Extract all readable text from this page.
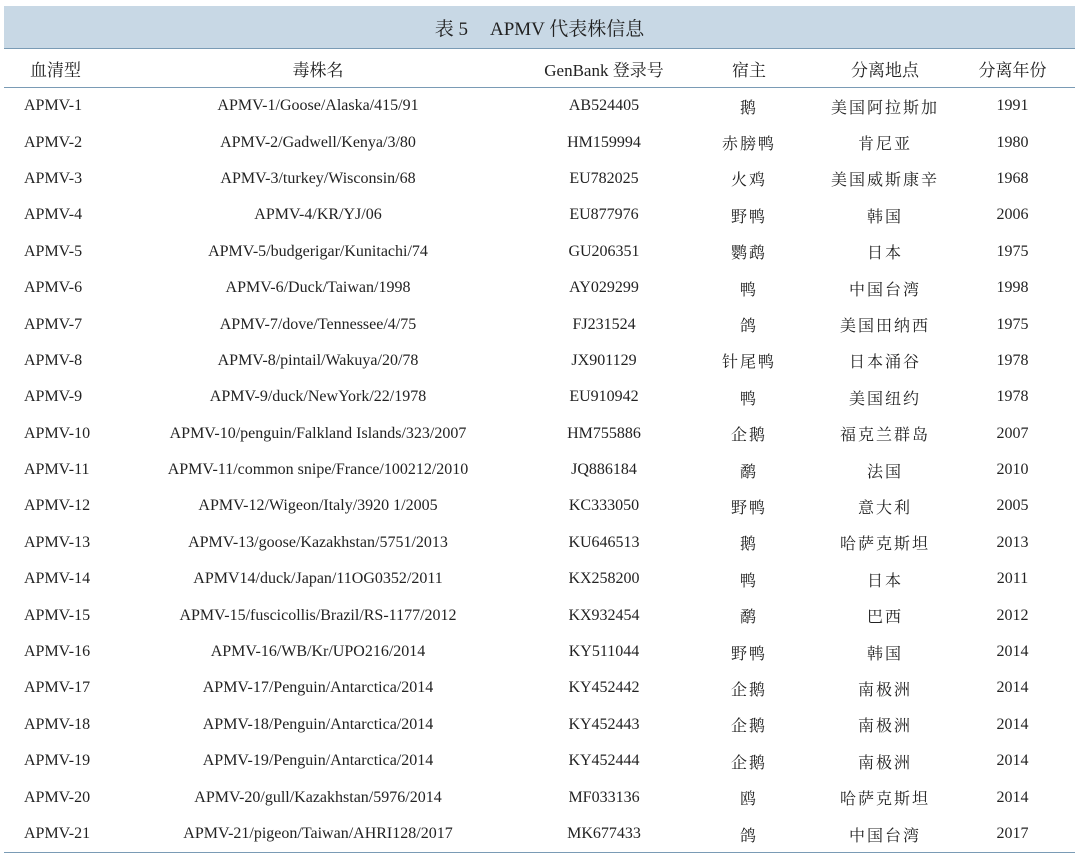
表 5 APMV 代表株信息
血清型	毒株名	GenBank 登录号	宿主	分离地点	分离年份
APMV-1	APMV-1/Goose/Alaska/415/91	AB524405	鹅	美国阿拉斯加	1991
APMV-2	APMV-2/Gadwell/Kenya/3/80	HM159994	赤膀鸭	肯尼亚	1980
APMV-3	APMV-3/turkey/Wisconsin/68	EU782025	火鸡	美国威斯康辛	1968
APMV-4	APMV-4/KR/YJ/06	EU877976	野鸭	韩国	2006
APMV-5	APMV-5/budgerigar/Kunitachi/74	GU206351	鹦鹉	日本	1975
APMV-6	APMV-6/Duck/Taiwan/1998	AY029299	鸭	中国台湾	1998
APMV-7	APMV-7/dove/Tennessee/4/75	FJ231524	鸽	美国田纳西	1975
APMV-8	APMV-8/pintail/Wakuya/20/78	JX901129	针尾鸭	日本涌谷	1978
APMV-9	APMV-9/duck/NewYork/22/1978	EU910942	鸭	美国纽约	1978
APMV-10	APMV-10/penguin/Falkland Islands/323/2007	HM755886	企鹅	福克兰群岛	2007
APMV-11	APMV-11/common snipe/France/100212/2010	JQ886184	鹬	法国	2010
APMV-12	APMV-12/Wigeon/Italy/3920 1/2005	KC333050	野鸭	意大利	2005
APMV-13	APMV-13/goose/Kazakhstan/5751/2013	KU646513	鹅	哈萨克斯坦	2013
APMV-14	APMV14/duck/Japan/11OG0352/2011	KX258200	鸭	日本	2011
APMV-15	APMV-15/fuscicollis/Brazil/RS-1177/2012	KX932454	鹬	巴西	2012
APMV-16	APMV-16/WB/Kr/UPO216/2014	KY511044	野鸭	韩国	2014
APMV-17	APMV-17/Penguin/Antarctica/2014	KY452442	企鹅	南极洲	2014
APMV-18	APMV-18/Penguin/Antarctica/2014	KY452443	企鹅	南极洲	2014
APMV-19	APMV-19/Penguin/Antarctica/2014	KY452444	企鹅	南极洲	2014
APMV-20	APMV-20/gull/Kazakhstan/5976/2014	MF033136	鸥	哈萨克斯坦	2014
APMV-21	APMV-21/pigeon/Taiwan/AHRI128/2017	MK677433	鸽	中国台湾	2017
